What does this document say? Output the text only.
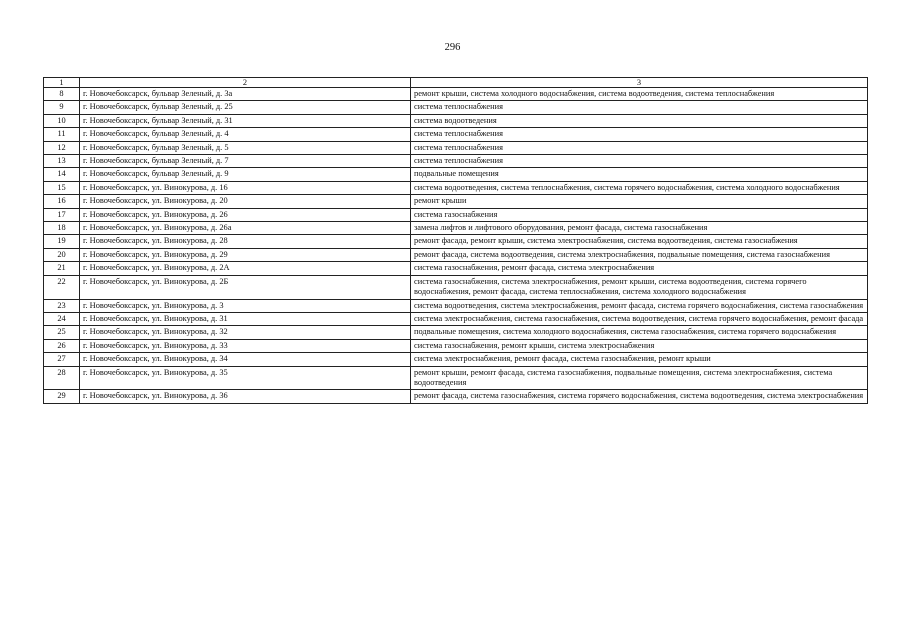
296
1	2	3
8	г. Новочебоксарск, бульвар Зеленый, д. 3а	ремонт крыши, система холодного водоснабжения, система водоотведения, система теплоснабжения
9	г. Новочебоксарск, бульвар Зеленый, д. 25	система теплоснабжения
10	г. Новочебоксарск, бульвар Зеленый, д. 31	система водоотведения
11	г. Новочебоксарск, бульвар Зеленый, д. 4	система теплоснабжения
12	г. Новочебоксарск, бульвар Зеленый, д. 5	система теплоснабжения
13	г. Новочебоксарск, бульвар Зеленый, д. 7	система теплоснабжения
14	г. Новочебоксарск, бульвар Зеленый, д. 9	подвальные помещения
15	г. Новочебоксарск, ул. Винокурова, д. 16	система водоотведения, система теплоснабжения, система горячего водоснабжения, система холодного водоснабжения
16	г. Новочебоксарск, ул. Винокурова, д. 20	ремонт крыши
17	г. Новочебоксарск, ул. Винокурова, д. 26	система газоснабжения
18	г. Новочебоксарск, ул. Винокурова, д. 26а	замена лифтов и лифтового оборудования, ремонт фасада, система газоснабжения
19	г. Новочебоксарск, ул. Винокурова, д. 28	ремонт фасада, ремонт крыши, система электроснабжения, система водоотведения, система газоснабжения
20	г. Новочебоксарск, ул. Винокурова, д. 29	ремонт фасада, система водоотведения, система электроснабжения, подвальные помещения, система газоснабжения
21	г. Новочебоксарск, ул. Винокурова, д. 2А	система газоснабжения, ремонт фасада, система электроснабжения
22	г. Новочебоксарск, ул. Винокурова, д. 2Б	система газоснабжения, система электроснабжения, ремонт крыши, система водоотведения, система горячего водоснабжения, ремонт фасада, система теплоснабжения, система холодного водоснабжения
23	г. Новочебоксарск, ул. Винокурова, д. 3	система водоотведения, система электроснабжения, ремонт фасада, система горячего водоснабжения, система газоснабжения
24	г. Новочебоксарск, ул. Винокурова, д. 31	система электроснабжения, система газоснабжения, система водоотведения, система горячего водоснабжения, ремонт фасада
25	г. Новочебоксарск, ул. Винокурова, д. 32	подвальные помещения, система холодного водоснабжения, система газоснабжения, система горячего водоснабжения
26	г. Новочебоксарск, ул. Винокурова, д. 33	система газоснабжения, ремонт крыши, система электроснабжения
27	г. Новочебоксарск, ул. Винокурова, д. 34	система электроснабжения, ремонт фасада, система газоснабжения, ремонт крыши
28	г. Новочебоксарск, ул. Винокурова, д. 35	ремонт крыши, ремонт фасада, система газоснабжения, подвальные помещения, система электроснабжения, система водоотведения
29	г. Новочебоксарск, ул. Винокурова, д. 36	ремонт фасада, система газоснабжения, система горячего водоснабжения, система водоотведения, система электроснабжения
